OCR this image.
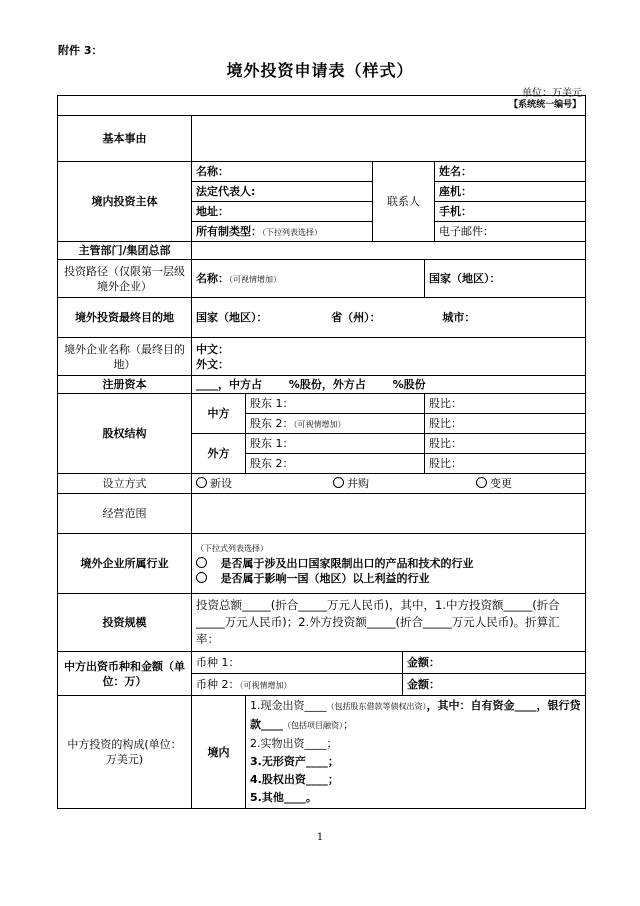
附件 3：
境外投资申请表（样式）
单位：万美元
【系统统一编号】						
基本事由						
境内投资主体	名称：		联系人			姓名：
	法定代表人:					座机：
	地址：					手机：
	所有制类型：（下拉列表选择）					电子邮件：
主管部门/集团总部						
投资路径（仅限第一层级境外企业）	名称：（可视情增加）				国家（地区）：	
境外投资最终目的地	国家（地区）： 省（州）： 城市：					
境外企业名称（最终目的地）	中文：
外文：					

注册资本	____，中方占       %股份，外方占       %股份					
股权结构	中方	股东 1：			股比：	
		股东 2：（可视情增加）			股比：	
	外方	股东 1：			股比：	
		股东 2：			股比：	
设立方式	新设 并购 变更					
经营范围						
境外企业所属行业	（下拉式列表选择）
是否属于涉及出口国家限制出口的产品和技术的行业
是否属于影响一国（地区）以上利益的行业					

投资规模	投资总额_____(折合_____万元人民币)，其中，1.中方投资额_____(折合_____万元人民币)；2.外方投资额_____(折合_____万元人民币)。折算汇率：					
中方出资币种和金额（单位：万）	币种 1：			金额：		
	币种 2：（可视情增加）			金额：		
中方投资的构成(单位：万美元)	境内	1.现金出资____（包括股东借款等债权出资），其中：自有资金____，银行贷款____（包括项目融资）；
2.实物出资____；
3.无形资产____；
4.股权出资____；
5.其他____。				
1
